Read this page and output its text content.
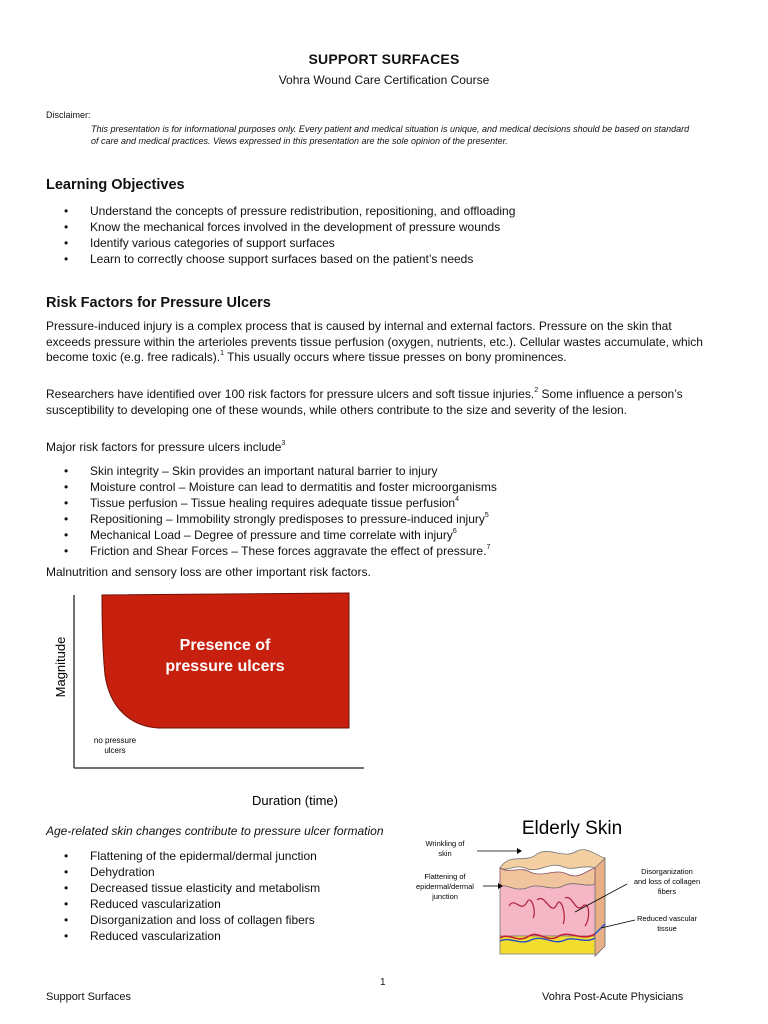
SUPPORT SURFACES
Vohra Wound Care Certification Course
Disclaimer:
This presentation is for informational purposes only. Every patient and medical situation is unique, and medical decisions should be based on standard of care and medical practices. Views expressed in this presentation are the sole opinion of the presenter.
Learning Objectives
• Understand the concepts of pressure redistribution, repositioning, and offloading
• Know the mechanical forces involved in the development of pressure wounds
• Identify various categories of support surfaces
• Learn to correctly choose support surfaces based on the patient’s needs
Risk Factors for Pressure Ulcers

Pressure-induced injury is a complex process that is caused by internal and external factors. Pressure on the skin that exceeds pressure within the arterioles prevents tissue perfusion (oxygen, nutrients, etc.). Cellular wastes accumulate, which become toxic (e.g. free radicals).$^1$ This usually occurs where tissue presses on bony prominences.

Researchers have identified over 100 risk factors for pressure ulcers and soft tissue injuries.$^2$ Some influence a person’s susceptibility to developing one of these wounds, while others contribute to the size and severity of the lesion.

Major risk factors for pressure ulcers include$^3$

• Skin integrity – Skin provides an important natural barrier to injury
• Moisture control – Moisture can lead to dermatitis and foster microorganisms
• Tissue perfusion – Tissue healing requires adequate tissue perfusion$^4$
• Repositioning – Immobility strongly predisposes to pressure-induced injury$^5$
• Mechanical Load – Degree of pressure and time correlate with injury$^6$
• Friction and Shear Forces – These forces aggravate the effect of pressure.$^7$

Malnutrition and sensory loss are other important risk factors.

Magnitude	Presence of
pressure ulcers
no pressure
ulcers
Duration (time)
Age-related skin changes contribute to pressure ulcer formation
• Flattening of the epidermal/dermal junction
• Dehydration
• Decreased tissue elasticity and metabolism
• Reduced vascularization
• Disorganization and loss of collagen fibers
• Reduced vascularization
Elderly Skin
Wrinkling of
skin
Flattening of
epidermal/dermal
junction
Disorganization
and loss of collagen
fibers
Reduced vascular
tissue
1
Support Surfaces	Vohra Post-Acute Physicians
